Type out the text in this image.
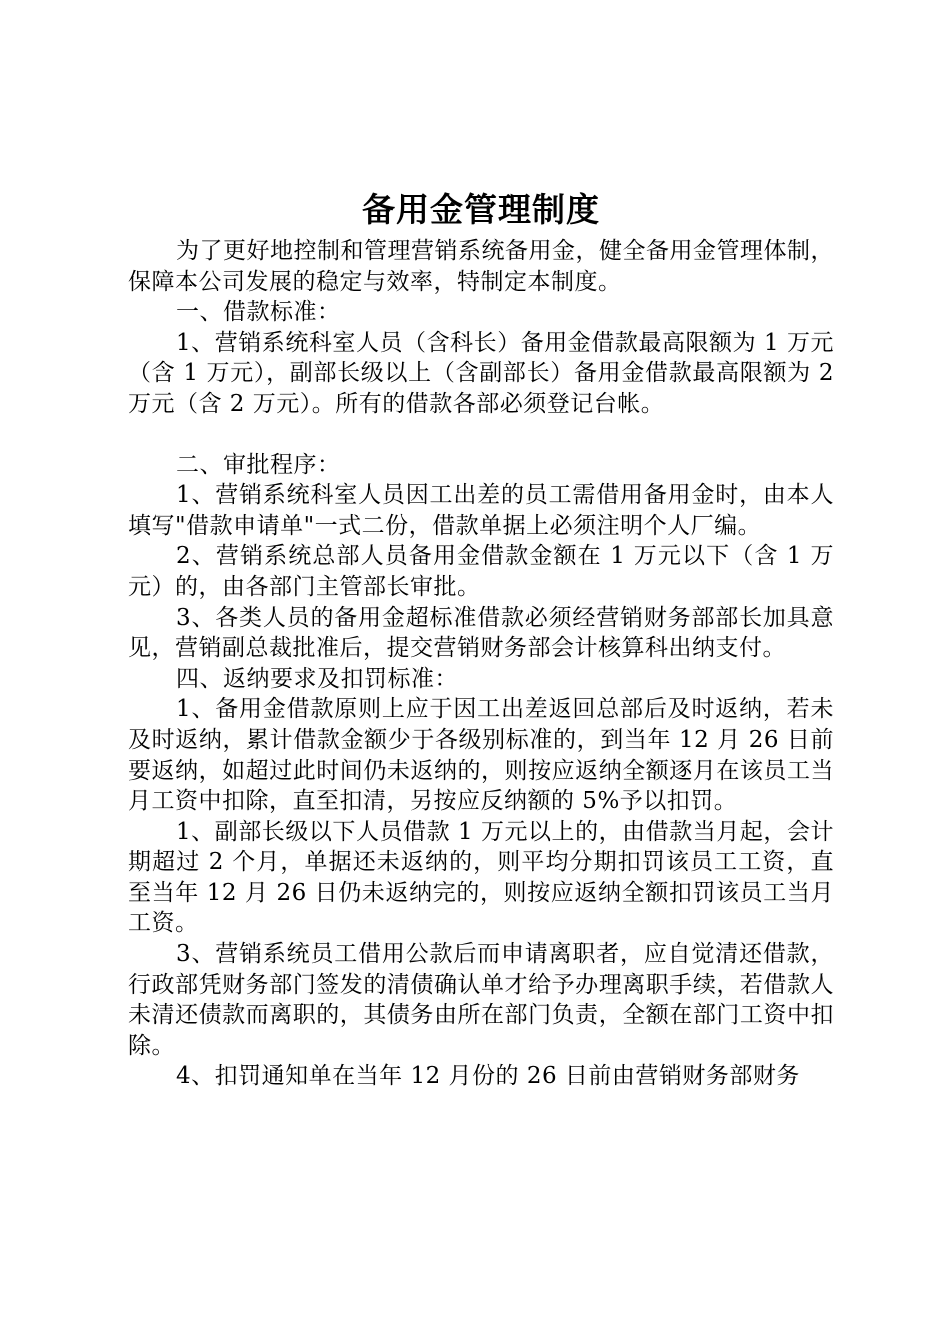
备用金管理制度

为了更好地控制和管理营销系统备用金，健全备用金管理体制，保障本公司发展的稳定与效率，特制定本制度。

一、借款标准：

1、营销系统科室人员（含科长）备用金借款最高限额为 1 万元（含 1 万元），副部长级以上（含副部长）备用金借款最高限额为 2 万元（含 2 万元）。所有的借款各部必须登记台帐。

二、审批程序：

1、营销系统科室人员因工出差的员工需借用备用金时，由本人填写"借款申请单"一式二份，借款单据上必须注明个人厂编。

2、营销系统总部人员备用金借款金额在 1 万元以下（含 1 万元）的，由各部门主管部长审批。

3、各类人员的备用金超标准借款必须经营销财务部部长加具意见，营销副总裁批准后，提交营销财务部会计核算科出纳支付。

四、返纳要求及扣罚标准：

1、备用金借款原则上应于因工出差返回总部后及时返纳，若未及时返纳，累计借款金额少于各级别标准的，到当年 12 月 26 日前要返纳，如超过此时间仍未返纳的，则按应返纳全额逐月在该员工当月工资中扣除，直至扣清，另按应反纳额的 5%予以扣罚。

1、副部长级以下人员借款 1 万元以上的，由借款当月起，会计期超过 2 个月，单据还未返纳的，则平均分期扣罚该员工工资，直至当年 12 月 26 日仍未返纳完的，则按应返纳全额扣罚该员工当月工资。

3、营销系统员工借用公款后而申请离职者，应自觉清还借款，行政部凭财务部门签发的清债确认单才给予办理离职手续，若借款人未清还债款而离职的，其债务由所在部门负责，全额在部门工资中扣除。

4、扣罚通知单在当年 12 月份的 26 日前由营销财务部财务
